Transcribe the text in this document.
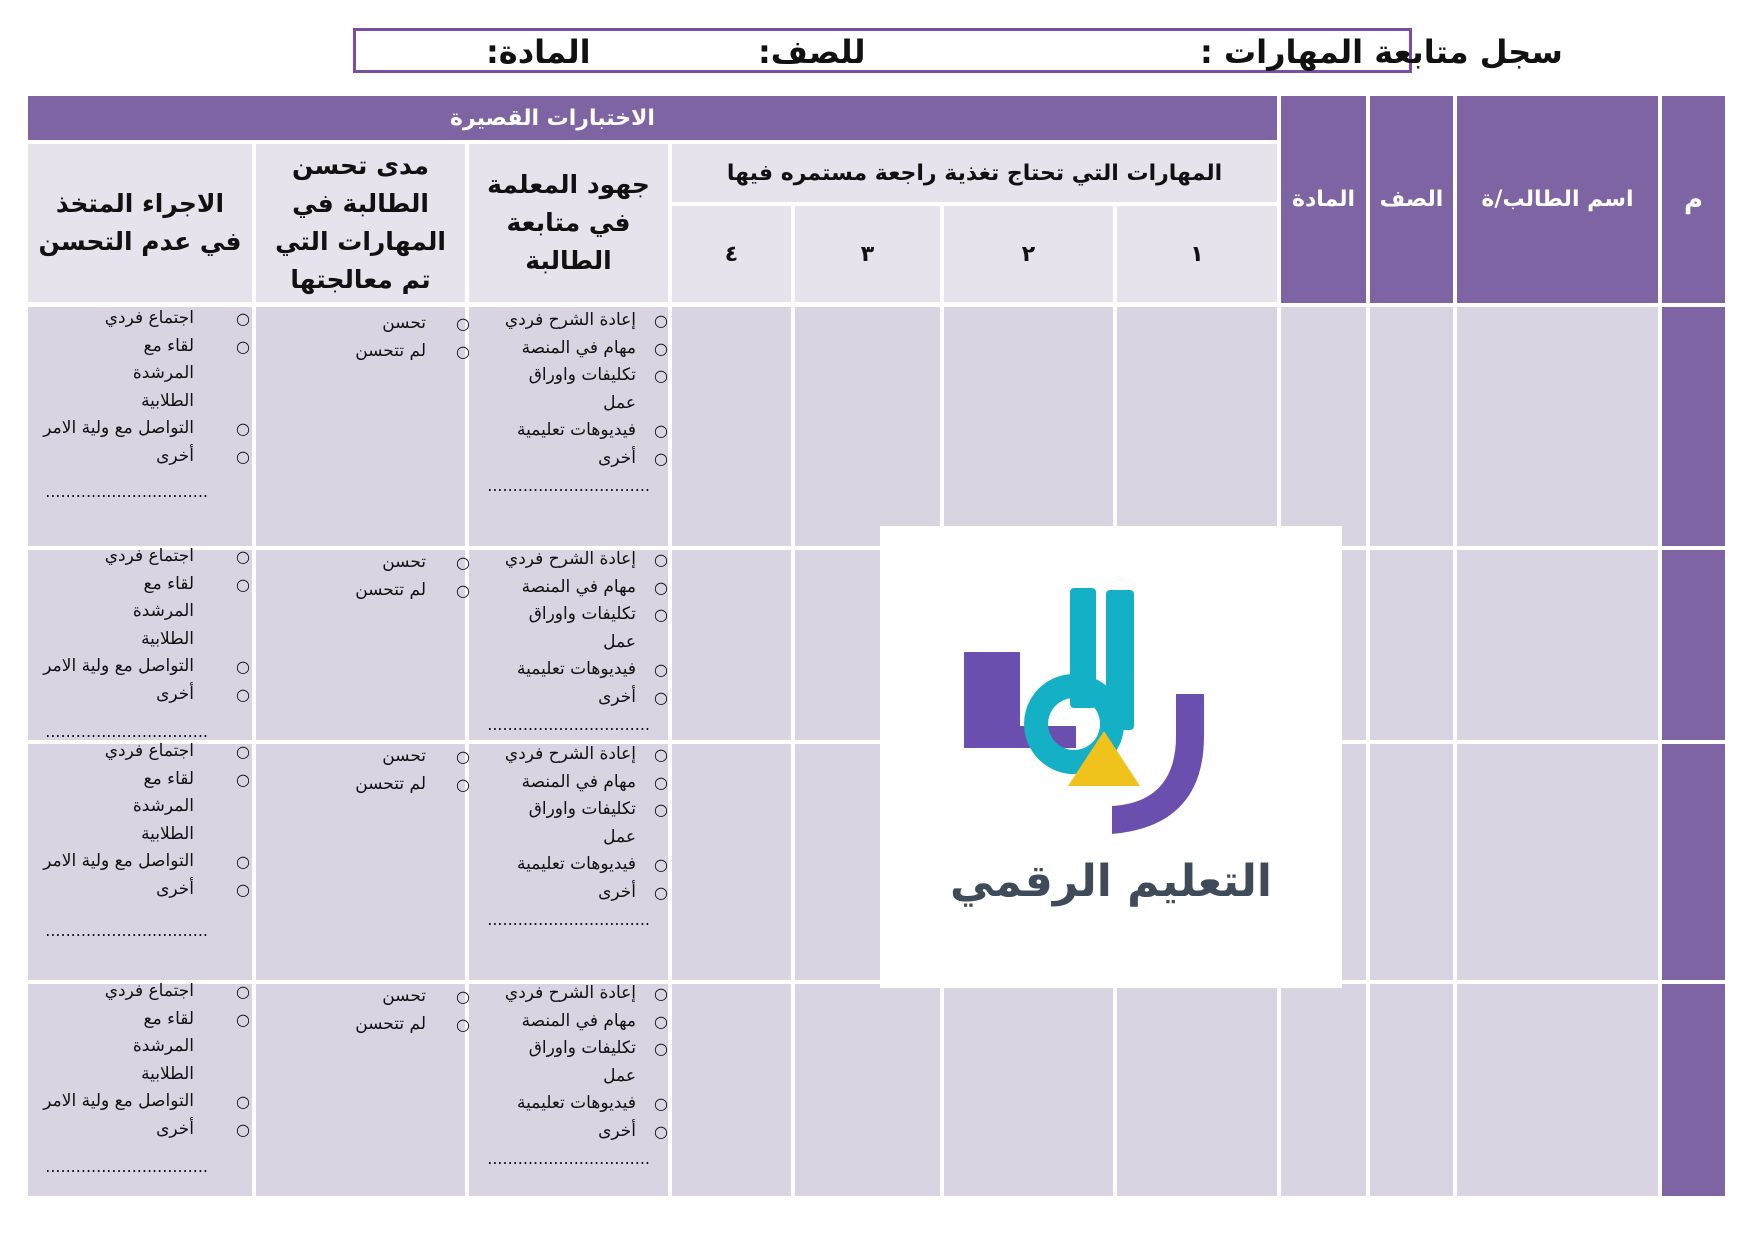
سجل متابعة المهارات :
للصف:
المادة:
م
اسم الطالب/ة
الصف
المادة
الاختبارات القصيرة
المهارات التي تحتاج تغذية راجعة مستمره فيها
١
٢
٣
٤
جهود المعلمة في متابعة الطالبة
مدى تحسن الطالبة في المهارات التي تم معالجتها
الاجراء المتخذ في عدم التحسن
○
إعادة الشرح فردي
○
مهام في المنصة
○
تكليفات واوراق عمل
○
فيديوهات تعليمية
○
أخرى
................................
○
تحسن
○
لم تتحسن
○
اجتماع فردي
○
لقاء مع المرشدة الطلابية
○
التواصل مع ولية الامر
○
أخرى
................................
○
إعادة الشرح فردي
○
مهام في المنصة
○
تكليفات واوراق عمل
○
فيديوهات تعليمية
○
أخرى
................................
○
تحسن
○
لم تتحسن
○
اجتماع فردي
○
لقاء مع المرشدة الطلابية
○
التواصل مع ولية الامر
○
أخرى
................................
○
إعادة الشرح فردي
○
مهام في المنصة
○
تكليفات واوراق عمل
○
فيديوهات تعليمية
○
أخرى
................................
○
تحسن
○
لم تتحسن
○
اجتماع فردي
○
لقاء مع المرشدة الطلابية
○
التواصل مع ولية الامر
○
أخرى
................................
○
إعادة الشرح فردي
○
مهام في المنصة
○
تكليفات واوراق عمل
○
فيديوهات تعليمية
○
أخرى
................................
○
تحسن
○
لم تتحسن
○
اجتماع فردي
○
لقاء مع المرشدة الطلابية
○
التواصل مع ولية الامر
○
أخرى
................................
التعليم الرقمي
